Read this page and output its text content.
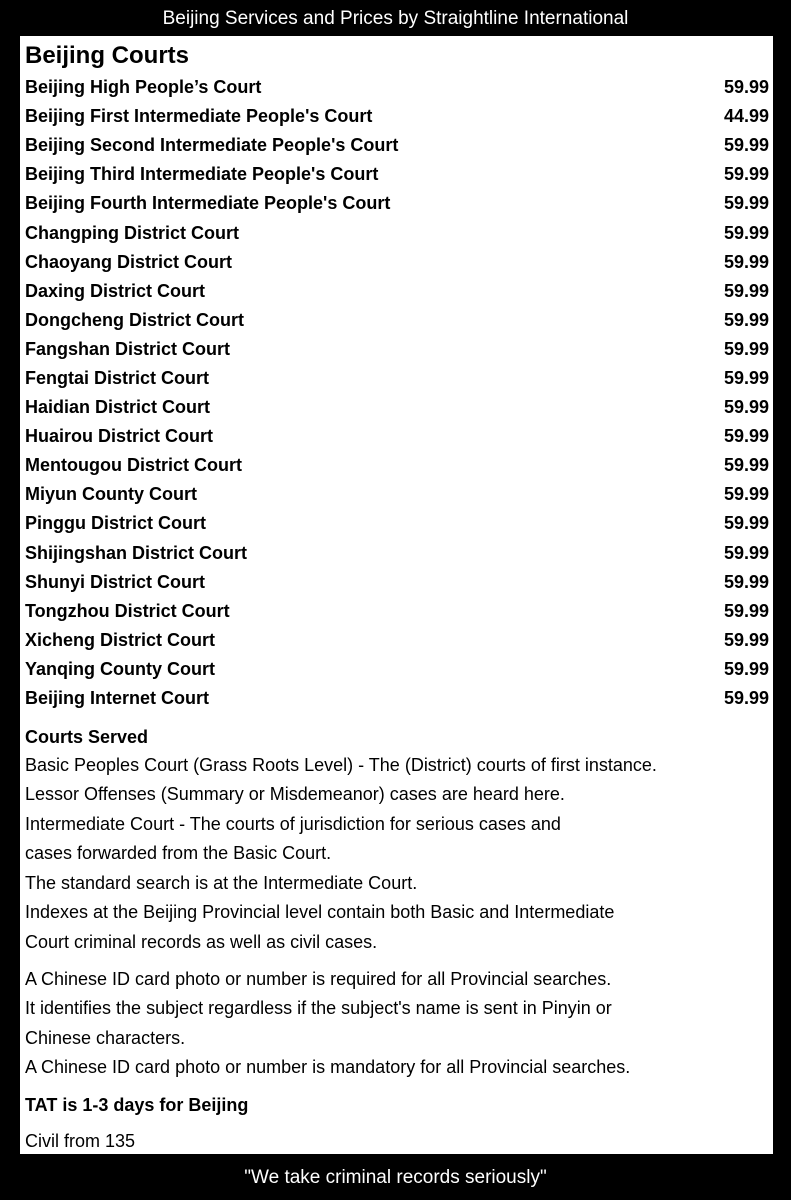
Beijing Services and Prices by Straightline International
Beijing Courts
Beijing High People’s Court	59.99
Beijing First Intermediate People's Court	44.99
Beijing Second Intermediate People's Court	59.99
Beijing Third Intermediate People's Court	59.99
Beijing Fourth Intermediate People's Court	59.99
Changping District Court	59.99
Chaoyang District Court	59.99
Daxing District Court	59.99
Dongcheng District Court	59.99
Fangshan District Court	59.99
Fengtai District Court	59.99
Haidian District Court	59.99
Huairou District Court	59.99
Mentougou District Court	59.99
Miyun County Court	59.99
Pinggu District Court	59.99
Shijingshan District Court	59.99
Shunyi District Court	59.99
Tongzhou District Court	59.99
Xicheng District Court	59.99
Yanqing County Court	59.99
Beijing Internet Court	59.99
Courts Served
Basic Peoples Court (Grass Roots Level) - The (District) courts of first instance.
Lessor Offenses (Summary or Misdemeanor) cases are heard here.
Intermediate Court - The courts of jurisdiction for serious cases and
cases forwarded from the Basic Court.
The standard search is at the Intermediate Court.
Indexes at the Beijing Provincial level contain both Basic and Intermediate
Court criminal records as well as civil cases.
A Chinese ID card photo or number is required for all Provincial searches.
It identifies the subject regardless if the subject's name is sent in Pinyin or
Chinese characters.
A Chinese ID card photo or number is mandatory for all Provincial searches.
TAT is 1-3 days for Beijing
Civil from 135
"We take criminal records seriously"
